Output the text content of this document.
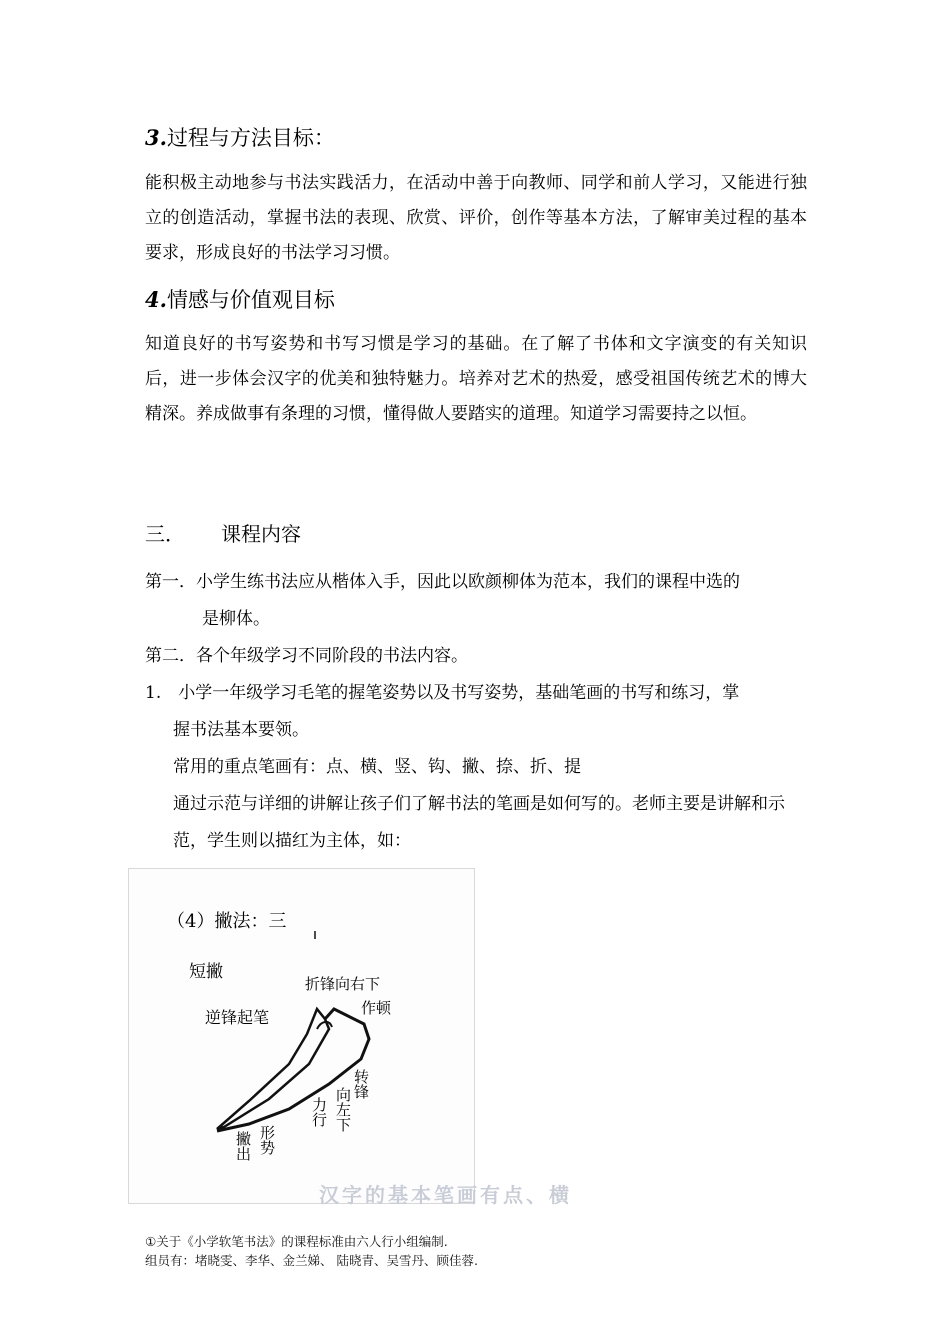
3.过程与方法目标：
能积极主动地参与书法实践活力，在活动中善于向教师、同学和前人学习，又能进行独立的创造活动，掌握书法的表现、欣赏、评价，创作等基本方法，了解审美过程的基本要求，形成良好的书法学习习惯。
4.情感与价值观目标
知道良好的书写姿势和书写习惯是学习的基础。在了解了书体和文字演变的有关知识后，进一步体会汉字的优美和独特魅力。培养对艺术的热爱，感受祖国传统艺术的博大精深。养成做事有条理的习惯，懂得做人要踏实的道理。知道学习需要持之以恒。
三． 课程内容
第一．小学生练书法应从楷体入手，因此以欧颜柳体为范本，我们的课程中选的
是柳体。
第二．各个年级学习不同阶段的书法内容。
1.　小学一年级学习毛笔的握笔姿势以及书写姿势，基础笔画的书写和练习，掌
握书法基本要领。
常用的重点笔画有：点、横、竖、钩、撇、捺、折、提
通过示范与详细的讲解让孩子们了解书法的笔画是如何写的。老师主要是讲解和示范，学生则以描红为主体，如：
（4）撇法：三
短撇
折锋向右下
作顿
逆锋起笔
转锋
向左下
力行
撇出 形势
汉字的基本笔画有点、横
①关于《小学软笔书法》的课程标准由六人行小组编制.
组员有：堵晓雯、李华、金兰娣、 陆晓青、吴雪丹、顾佳蓉.
